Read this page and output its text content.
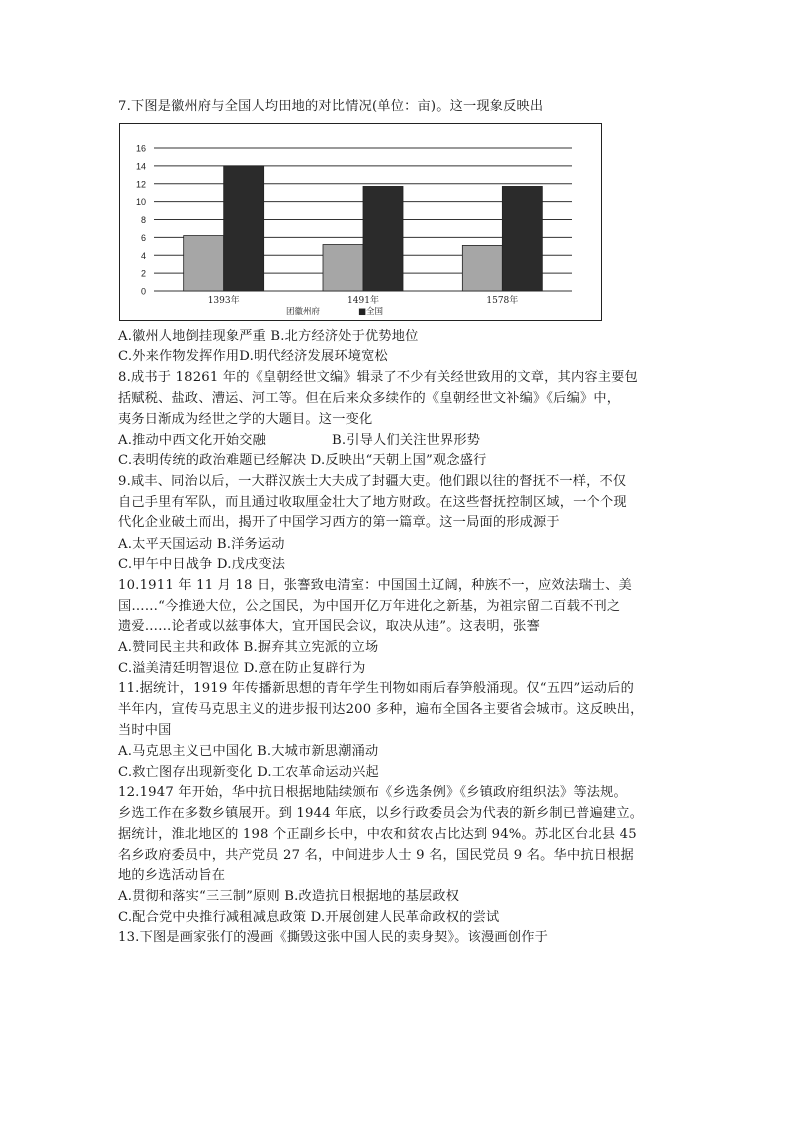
7.下图是徽州府与全国人均田地的对比情况(单位：亩)。这一现象反映出
0
2
4
6
8
10
12
14
16
1393年	1491年	1578年
团徽州府	■全国
A.徽州人地倒挂现象严重 B.北方经济处于优势地位
C.外来作物发挥作用D.明代经济发展环境宽松
8.成书于 18261 年的《皇朝经世文编》辑录了不少有关经世致用的文章，其内容主要包
括赋税、盐政、漕运、河工等。但在后来众多续作的《皇朝经世文补编》《后编》中，
夷务日渐成为经世之学的大题目。这一变化
A.推动中西文化开始交融	B.引导人们关注世界形势
C.表明传统的政治难题已经解决 D.反映出“天朝上国”观念盛行
9.咸丰、同治以后，一大群汉族士大夫成了封疆大吏。他们跟以往的督抚不一样，不仅
自己手里有军队，而且通过收取厘金壮大了地方财政。在这些督抚控制区域，一个个现
代化企业破土而出，揭开了中国学习西方的第一篇章。这一局面的形成源于
A.太平天国运动 B.洋务运动
C.甲午中日战争 D.戊戌变法
10.1911 年 11 月 18 日，张謇致电清室：中国国土辽阔，种族不一，应效法瑞士、美
国……“今推逊大位，公之国民，为中国开亿万年进化之新基，为祖宗留二百载不刊之
遗爱……论者或以兹事体大，宜开国民会议，取决从违”。这表明，张謇
A.赞同民主共和政体 B.摒弃其立宪派的立场
C.溢美清廷明智退位 D.意在防止复辟行为
11.据统计，1919 年传播新思想的青年学生刊物如雨后春笋般涌现。仅“五四”运动后的
半年内，宣传马克思主义的进步报刊达200 多种，遍布全国各主要省会城市。这反映出，
当时中国
A.马克思主义已中国化 B.大城市新思潮涌动
C.救亡图存出现新变化 D.工农革命运动兴起
12.1947 年开始，华中抗日根据地陆续颁布《乡选条例》《乡镇政府组织法》等法规。
乡选工作在多数乡镇展开。到 1944 年底，以乡行政委员会为代表的新乡制已普遍建立。
据统计，淮北地区的 198 个正副乡长中，中农和贫农占比达到 94%。苏北区台北县 45
名乡政府委员中，共产党员 27 名，中间进步人士 9 名，国民党员 9 名。华中抗日根据
地的乡选活动旨在
A.贯彻和落实“三三制”原则 B.改造抗日根据地的基层政权
C.配合党中央推行减租减息政策 D.开展创建人民革命政权的尝试
13.下图是画家张仃的漫画《撕毁这张中国人民的卖身契》。该漫画创作于
